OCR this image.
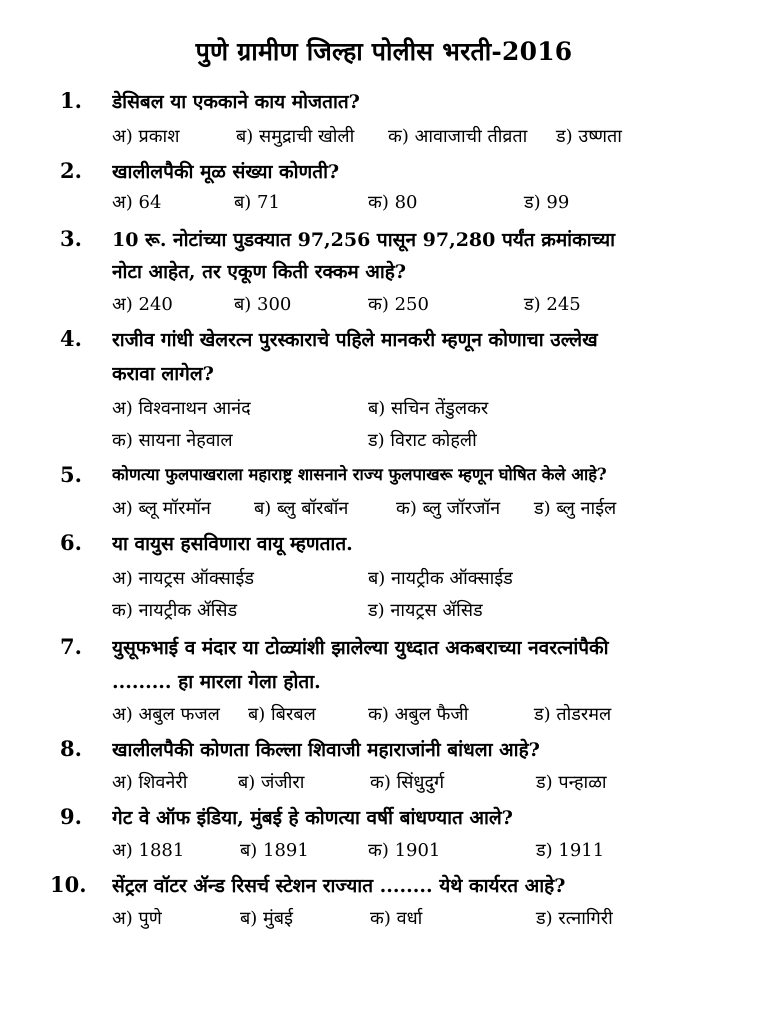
पुणे ग्रामीण जिल्हा पोलीस भरती-2016
1. डेसिबल या एककाने काय मोजतात?
अ) प्रकाश	ब) समुद्राची खोली क) आवाजाची तीव्रता ड) उष्णता
2. खालीलपैकी मूळ संख्या कोणती?
अ) 64	ब) 71	क) 80	ड) 99
3. 10 रू. नोटांच्या पुडक्यात 97,256 पासून 97,280 पर्यंत क्रमांकाच्या
नोटा आहेत, तर एकूण किती रक्कम आहे?
अ) 240	ब) 300	क) 250	ड) 245
4. राजीव गांधी खेलरत्न पुरस्काराचे पहिले मानकरी म्हणून कोणाचा उल्लेख
करावा लागेल?
अ) विश्वनाथन आनंद	ब) सचिन तेंडुलकर
क) सायना नेहवाल	ड) विराट कोहली
5. कोणत्या फुलपाखराला महाराष्ट्र शासनाने राज्य फुलपाखरू म्हणून घोषित केले आहे?
अ) ब्लू मॉरमॉन ब) ब्लु बॉरबॉन	क) ब्लु जॉरजॉन ड) ब्लु नाईल
6. या वायुस हसविणारा वायू म्हणतात.
अ) नायट्रस ऑक्साईड	ब) नायट्रीक ऑक्साईड
क) नायट्रीक ॲसिड	ड) नायट्रस ॲसिड
7. युसूफभाई व मंदार या टोळ्यांशी झालेल्या युध्दात अकबराच्या नवरत्नांपैकी
......... हा मारला गेला होता.
अ) अबुल फजल ब) बिरबल	क) अबुल फैजी	ड) तोडरमल
8. खालीलपैकी कोणता किल्ला शिवाजी महाराजांनी बांधला आहे?
अ) शिवनेरी	ब) जंजीरा	क) सिंधुदुर्ग	ड) पन्हाळा
9. गेट वे ऑफ इंडिया, मुंबई हे कोणत्या वर्षी बांधण्यात आले?
अ) 1881	ब) 1891	क) 1901	ड) 1911
10. सेंट्रल वॉटर ॲन्ड रिसर्च स्टेशन राज्यात ........ येथे कार्यरत आहे?
अ) पुणे	ब) मुंबई	क) वर्धा	ड) रत्नागिरी
